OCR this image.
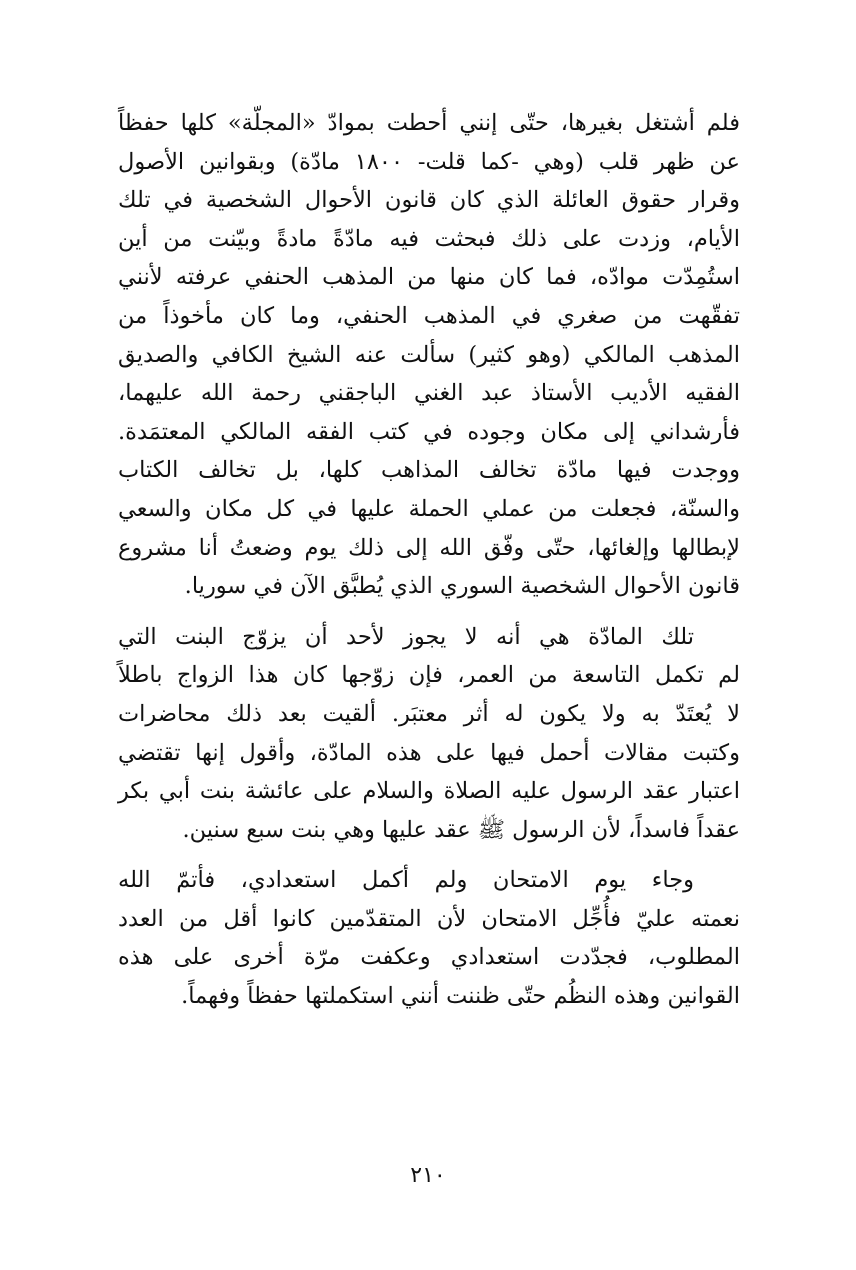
فلم أشتغل بغيرها، حتّى إنني أحطت بموادّ «المجلّة» كلها حفظاً
عن ظهر قلب (وهي -كما قلت- ١٨٠٠ مادّة) وبقوانين الأصول
وقرار حقوق العائلة الذي كان قانون الأحوال الشخصية في تلك
الأيام، وزدت على ذلك فبحثت فيه مادّةً مادةً وبيّنت من أين
استُمِدّت موادّه، فما كان منها من المذهب الحنفي عرفته لأنني
تفقّهت من صغري في المذهب الحنفي، وما كان مأخوذاً من
المذهب المالكي (وهو كثير) سألت عنه الشيخ الكافي والصديق
الفقيه الأديب الأستاذ عبد الغني الباجقني رحمة الله عليهما،
فأرشداني إلى مكان وجوده في كتب الفقه المالكي المعتمَدة.
ووجدت فيها مادّة تخالف المذاهب كلها، بل تخالف الكتاب
والسنّة، فجعلت من عملي الحملة عليها في كل مكان والسعي
لإبطالها وإلغائها، حتّى وفّق الله إلى ذلك يوم وضعتُ أنا مشروع
قانون الأحوال الشخصية السوري الذي يُطبَّق الآن في سوريا.
تلك المادّة هي أنه لا يجوز لأحد أن يزوّج البنت التي
لم تكمل التاسعة من العمر، فإن زوّجها كان هذا الزواج باطلاً
لا يُعتَدّ به ولا يكون له أثر معتبَر. ألقيت بعد ذلك محاضرات
وكتبت مقالات أحمل فيها على هذه المادّة، وأقول إنها تقتضي
اعتبار عقد الرسول عليه الصلاة والسلام على عائشة بنت أبي بكر
عقداً فاسداً، لأن الرسول ﷺ عقد عليها وهي بنت سبع سنين.
وجاء يوم الامتحان ولم أكمل استعدادي، فأتمّ الله
نعمته عليّ فأُجِّل الامتحان لأن المتقدّمين كانوا أقل من العدد
المطلوب، فجدّدت استعدادي وعكفت مرّة أخرى على هذه
القوانين وهذه النظُم حتّى ظننت أنني استكملتها حفظاً وفهماً.
٢١٠
